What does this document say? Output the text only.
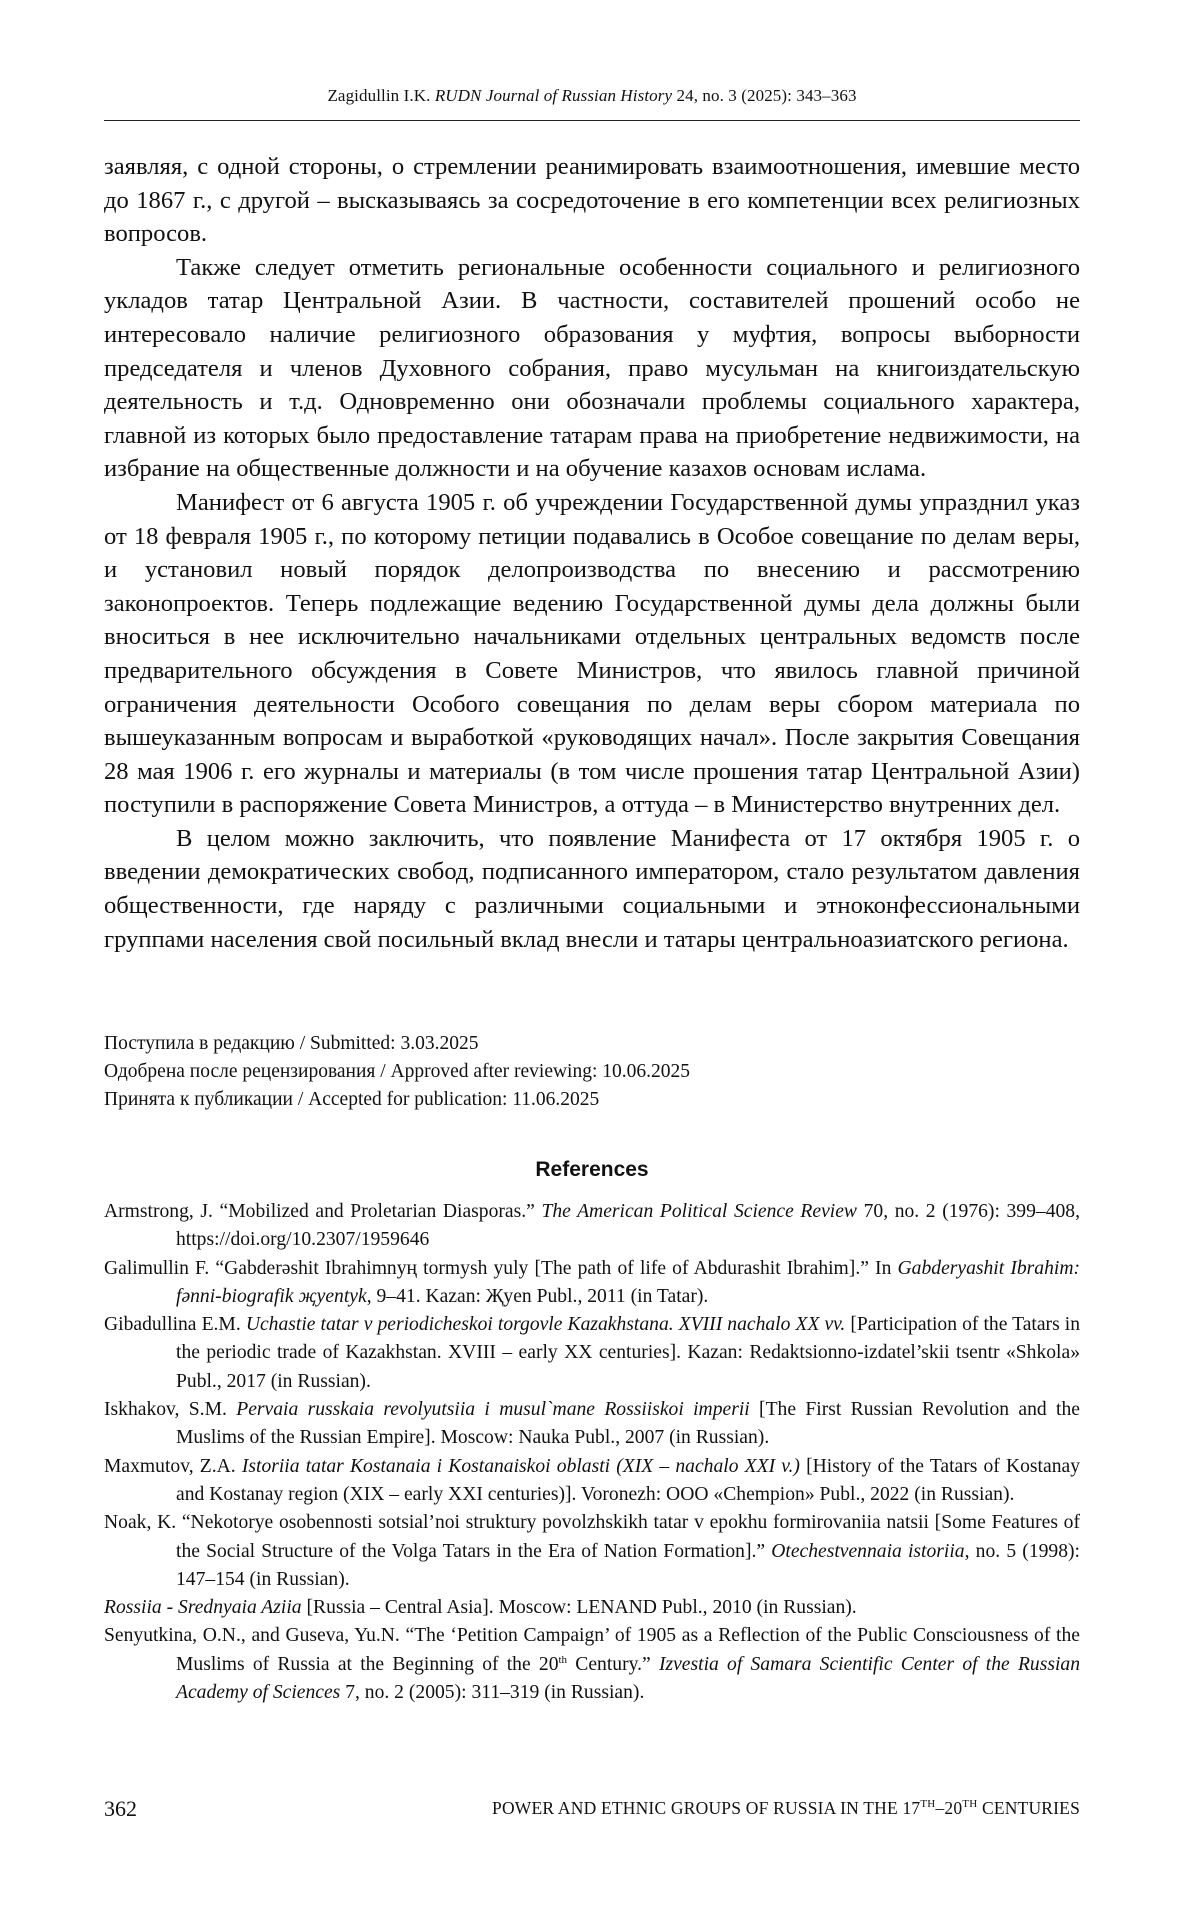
Zagidullin I.K. RUDN Journal of Russian History 24, no. 3 (2025): 343–363

заявляя, с одной стороны, о стремлении реанимировать взаимоотношения, имевшие место до 1867 г., с другой – высказываясь за сосредоточение в его компетенции всех религиозных вопросов.

Также следует отметить региональные особенности социального и религиозного укладов татар Центральной Азии. В частности, составителей прошений особо не интересовало наличие религиозного образования у муфтия, вопросы выборности председателя и членов Духовного собрания, право мусульман на книгоиздательскую деятельность и т.д. Одновременно они обозначали проблемы социального характера, главной из которых было предоставление татарам права на приобретение недвижимости, на избрание на общественные должности и на обучение казахов основам ислама.

Манифест от 6 августа 1905 г. об учреждении Государственной думы упразднил указ от 18 февраля 1905 г., по которому петиции подавались в Особое совещание по делам веры, и установил новый порядок делопроизводства по внесению и рассмотрению законопроектов. Теперь подлежащие ведению Государственной думы дела должны были вноситься в нее исключительно начальниками отдельных центральных ведомств после предварительного обсуждения в Совете Министров, что явилось главной причиной ограничения деятельности Особого совещания по делам веры сбором материала по вышеуказанным вопросам и выработкой «руководящих начал». После закрытия Совещания 28 мая 1906 г. его журналы и материалы (в том числе прошения татар Центральной Азии) поступили в распоряжение Совета Министров, а оттуда – в Министерство внутренних дел.

В целом можно заключить, что появление Манифеста от 17 октября 1905 г. о введении демократических свобод, подписанного императором, стало результатом давления общественности, где наряду с различными социальными и этноконфессиональными группами населения свой посильный вклад внесли и татары центральноазиатского региона.

Поступила в редакцию / Submitted: 3.03.2025
Одобрена после рецензирования / Approved after reviewing: 10.06.2025
Принята к публикации / Accepted for publication: 11.06.2025
References

Armstrong, J. “Mobilized and Proletarian Diasporas.” The American Political Science Review 70, no. 2 (1976): 399–408, https://doi.org/10.2307/1959646

Galimullin F. “Gabderəshit Ibrahimnyң tormysh yuly [The path of life of Abdurashit Ibrahim].” In Gabderyashit Ibrahim: fənni-biografik җyentyk, 9–41. Kazan: Җyen Publ., 2011 (in Tatar).

Gibadullina E.M. Uchastie tatar v periodicheskoi torgovle Kazakhstana. XVIII nachalo XX vv. [Participation of the Tatars in the periodic trade of Kazakhstan. XVIII – early XX centuries]. Kazan: Redaktsionno-izdatel’skii tsentr «Shkola» Publ., 2017 (in Russian).

Iskhakov, S.M. Pervaia russkaia revolyutsiia i musul`mane Rossiiskoi imperii [The First Russian Revolution and the Muslims of the Russian Empire]. Moscow: Nauka Publ., 2007 (in Russian).

Maxmutov, Z.A. Istoriia tatar Kostanaia i Kostanaiskoi oblasti (XIX – nachalo XXI v.) [History of the Tatars of Kostanay and Kostanay region (XIX – early XXI centuries)]. Voronezh: OOO «Chempion» Publ., 2022 (in Russian).

Noak, K. “Nekotorye osobennosti sotsial’noi struktury povolzhskikh tatar v epokhu formirovaniia natsii [Some Features of the Social Structure of the Volga Tatars in the Era of Nation Formation].” Otechestvennaia istoriia, no. 5 (1998): 147–154 (in Russian).

Rossiia - Srednyaia Aziia [Russia – Central Asia]. Moscow: LENAND Publ., 2010 (in Russian).

Senyutkina, O.N., and Guseva, Yu.N. “The ‘Petition Campaign’ of 1905 as a Reflection of the Public Consciousness of the Muslims of Russia at the Beginning of the 20th Century.” Izvestia of Samara Scientific Center of the Russian Academy of Sciences 7, no. 2 (2005): 311–319 (in Russian).

362	POWER AND ETHNIC GROUPS OF RUSSIA IN THE 17TH–20TH CENTURIES
